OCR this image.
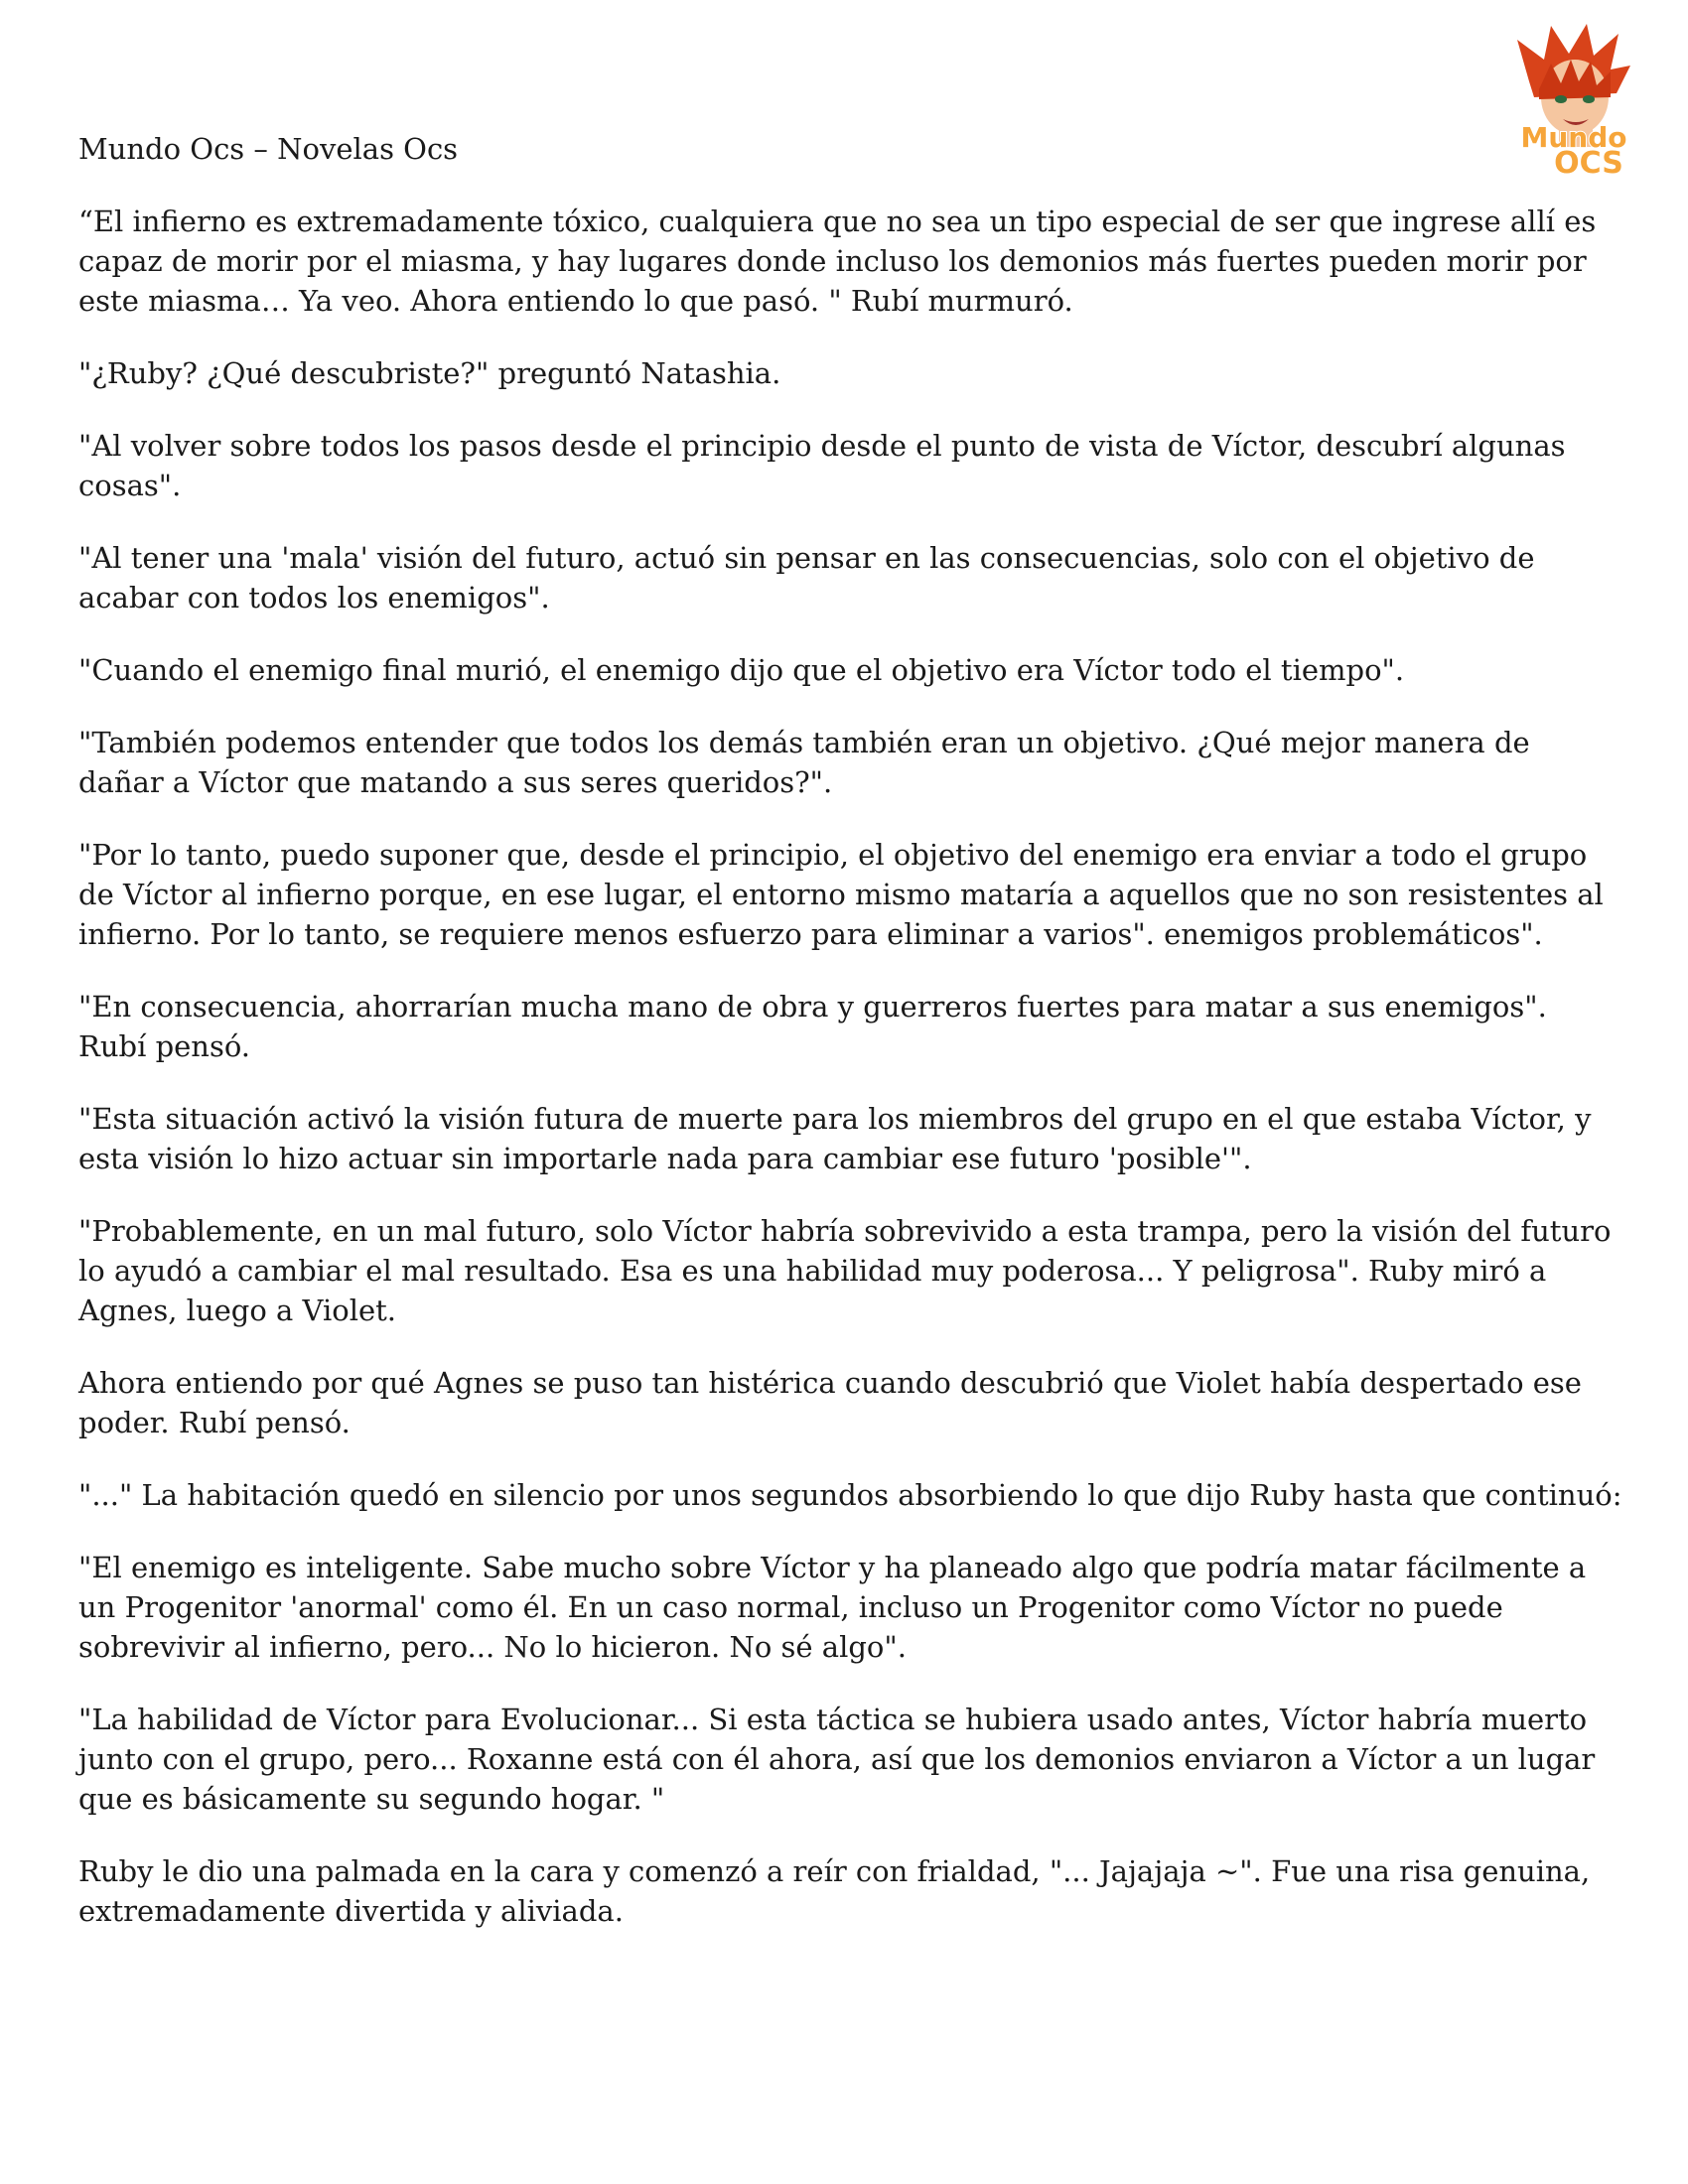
Mundo
OCS
Mundo Ocs – Novelas Ocs

“El infierno es extremadamente tóxico, cualquiera que no sea un tipo especial de ser que ingrese allí es capaz de morir por el miasma, y hay lugares donde incluso los demonios más fuertes pueden morir por este miasma… Ya veo. Ahora entiendo lo que pasó. " Rubí murmuró.

"¿Ruby? ¿Qué descubriste?" preguntó Natashia.

"Al volver sobre todos los pasos desde el principio desde el punto de vista de Víctor, descubrí algunas cosas".

"Al tener una 'mala' visión del futuro, actuó sin pensar en las consecuencias, solo con el objetivo de acabar con todos los enemigos".

"Cuando el enemigo final murió, el enemigo dijo que el objetivo era Víctor todo el tiempo".

"También podemos entender que todos los demás también eran un objetivo. ¿Qué mejor manera de dañar a Víctor que matando a sus seres queridos?".

"Por lo tanto, puedo suponer que, desde el principio, el objetivo del enemigo era enviar a todo el grupo de Víctor al infierno porque, en ese lugar, el entorno mismo mataría a aquellos que no son resistentes al infierno. Por lo tanto, se requiere menos esfuerzo para eliminar a varios". enemigos problemáticos".

"En consecuencia, ahorrarían mucha mano de obra y guerreros fuertes para matar a sus enemigos". Rubí pensó.

"Esta situación activó la visión futura de muerte para los miembros del grupo en el que estaba Víctor, y esta visión lo hizo actuar sin importarle nada para cambiar ese futuro 'posible'".

"Probablemente, en un mal futuro, solo Víctor habría sobrevivido a esta trampa, pero la visión del futuro lo ayudó a cambiar el mal resultado. Esa es una habilidad muy poderosa... Y peligrosa". Ruby miró a Agnes, luego a Violet.

Ahora entiendo por qué Agnes se puso tan histérica cuando descubrió que Violet había despertado ese poder. Rubí pensó.

"..." La habitación quedó en silencio por unos segundos absorbiendo lo que dijo Ruby hasta que continuó:

"El enemigo es inteligente. Sabe mucho sobre Víctor y ha planeado algo que podría matar fácilmente a un Progenitor 'anormal' como él. En un caso normal, incluso un Progenitor como Víctor no puede sobrevivir al infierno, pero... No lo hicieron. No sé algo".

"La habilidad de Víctor para Evolucionar... Si esta táctica se hubiera usado antes, Víctor habría muerto junto con el grupo, pero... Roxanne está con él ahora, así que los demonios enviaron a Víctor a un lugar que es básicamente su segundo hogar. "

Ruby le dio una palmada en la cara y comenzó a reír con frialdad, "... Jajajaja ~". Fue una risa genuina, extremadamente divertida y aliviada.
